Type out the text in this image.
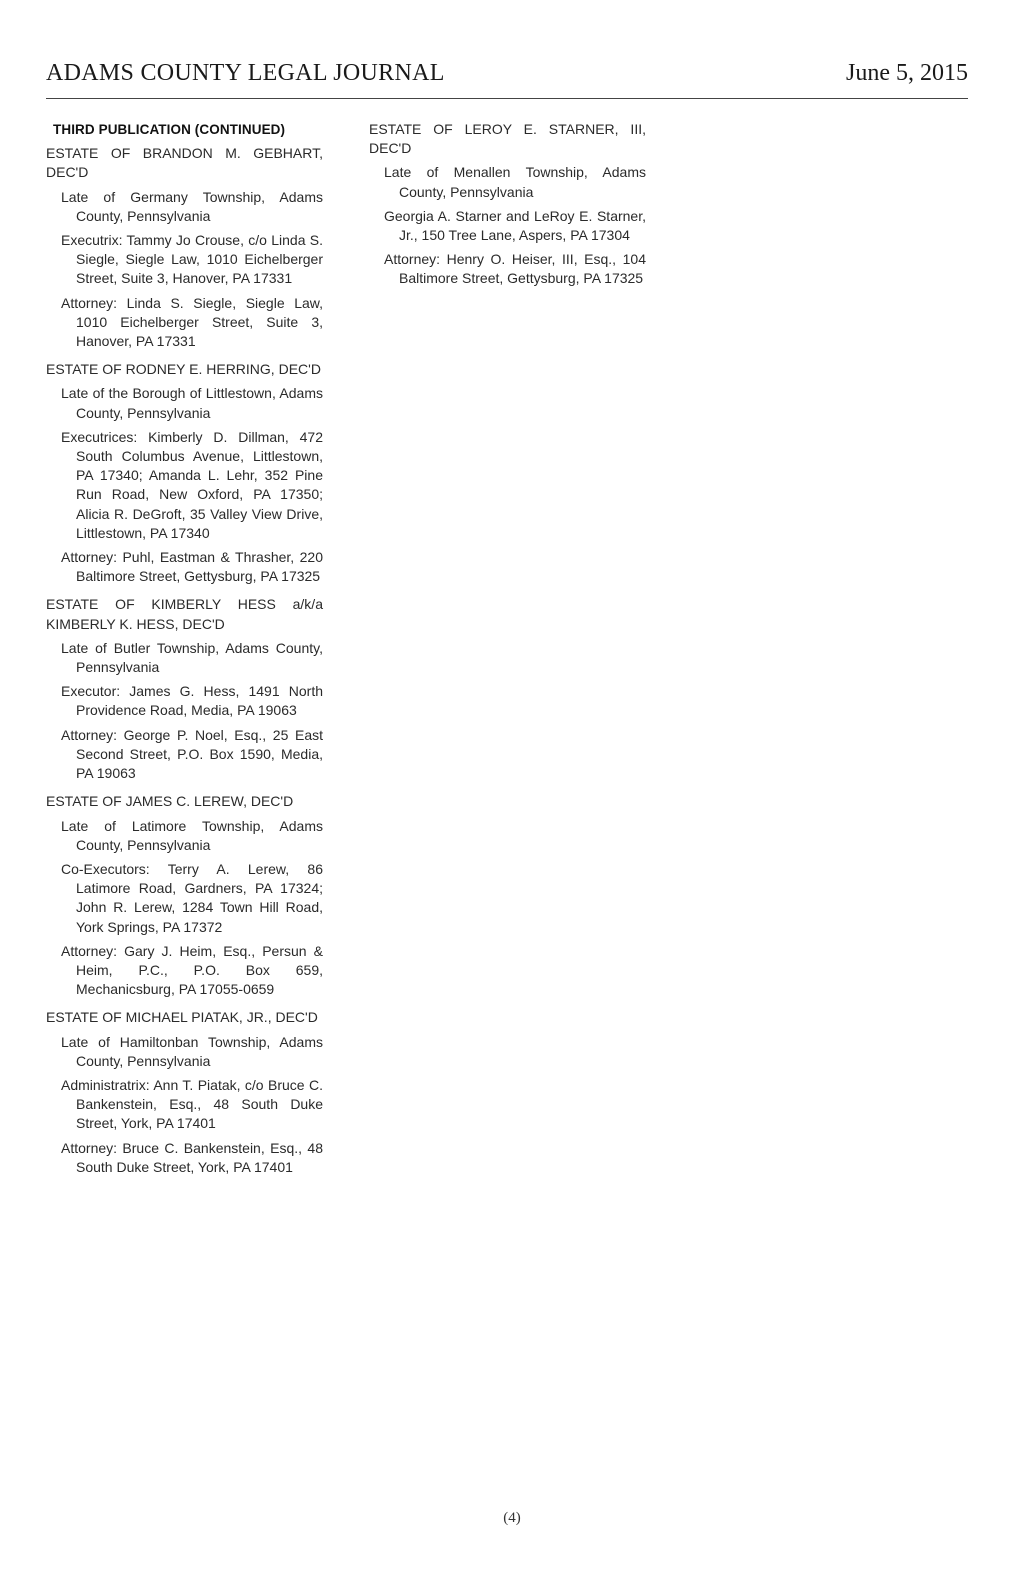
ADAMS COUNTY LEGAL JOURNAL	June 5, 2015
THIRD PUBLICATION (CONTINUED)
ESTATE OF BRANDON M. GEBHART, DEC'D
Late of Germany Township, Adams County, Pennsylvania
Executrix: Tammy Jo Crouse, c/o Linda S. Siegle, Siegle Law, 1010 Eichelberger Street, Suite 3, Hanover, PA 17331
Attorney: Linda S. Siegle, Siegle Law, 1010 Eichelberger Street, Suite 3, Hanover, PA 17331
ESTATE OF RODNEY E. HERRING, DEC'D
Late of the Borough of Littlestown, Adams County, Pennsylvania
Executrices: Kimberly D. Dillman, 472 South Columbus Avenue, Littlestown, PA 17340; Amanda L. Lehr, 352 Pine Run Road, New Oxford, PA 17350; Alicia R. DeGroft, 35 Valley View Drive, Littlestown, PA 17340
Attorney: Puhl, Eastman & Thrasher, 220 Baltimore Street, Gettysburg, PA 17325
ESTATE OF KIMBERLY HESS a/k/a KIMBERLY K. HESS, DEC'D
Late of Butler Township, Adams County, Pennsylvania
Executor: James G. Hess, 1491 North Providence Road, Media, PA 19063
Attorney: George P. Noel, Esq., 25 East Second Street, P.O. Box 1590, Media, PA 19063
ESTATE OF JAMES C. LEREW, DEC'D
Late of Latimore Township, Adams County, Pennsylvania
Co-Executors: Terry A. Lerew, 86 Latimore Road, Gardners, PA 17324; John R. Lerew, 1284 Town Hill Road, York Springs, PA 17372
Attorney: Gary J. Heim, Esq., Persun & Heim, P.C., P.O. Box 659, Mechanicsburg, PA 17055-0659
ESTATE OF MICHAEL PIATAK, JR., DEC'D
Late of Hamiltonban Township, Adams County, Pennsylvania
Administratrix: Ann T. Piatak, c/o Bruce C. Bankenstein, Esq., 48 South Duke Street, York, PA 17401
Attorney: Bruce C. Bankenstein, Esq., 48 South Duke Street, York, PA 17401
ESTATE OF LEROY E. STARNER, III, DEC'D
Late of Menallen Township, Adams County, Pennsylvania
Georgia A. Starner and LeRoy E. Starner, Jr., 150 Tree Lane, Aspers, PA 17304
Attorney: Henry O. Heiser, III, Esq., 104 Baltimore Street, Gettysburg, PA 17325
(4)
